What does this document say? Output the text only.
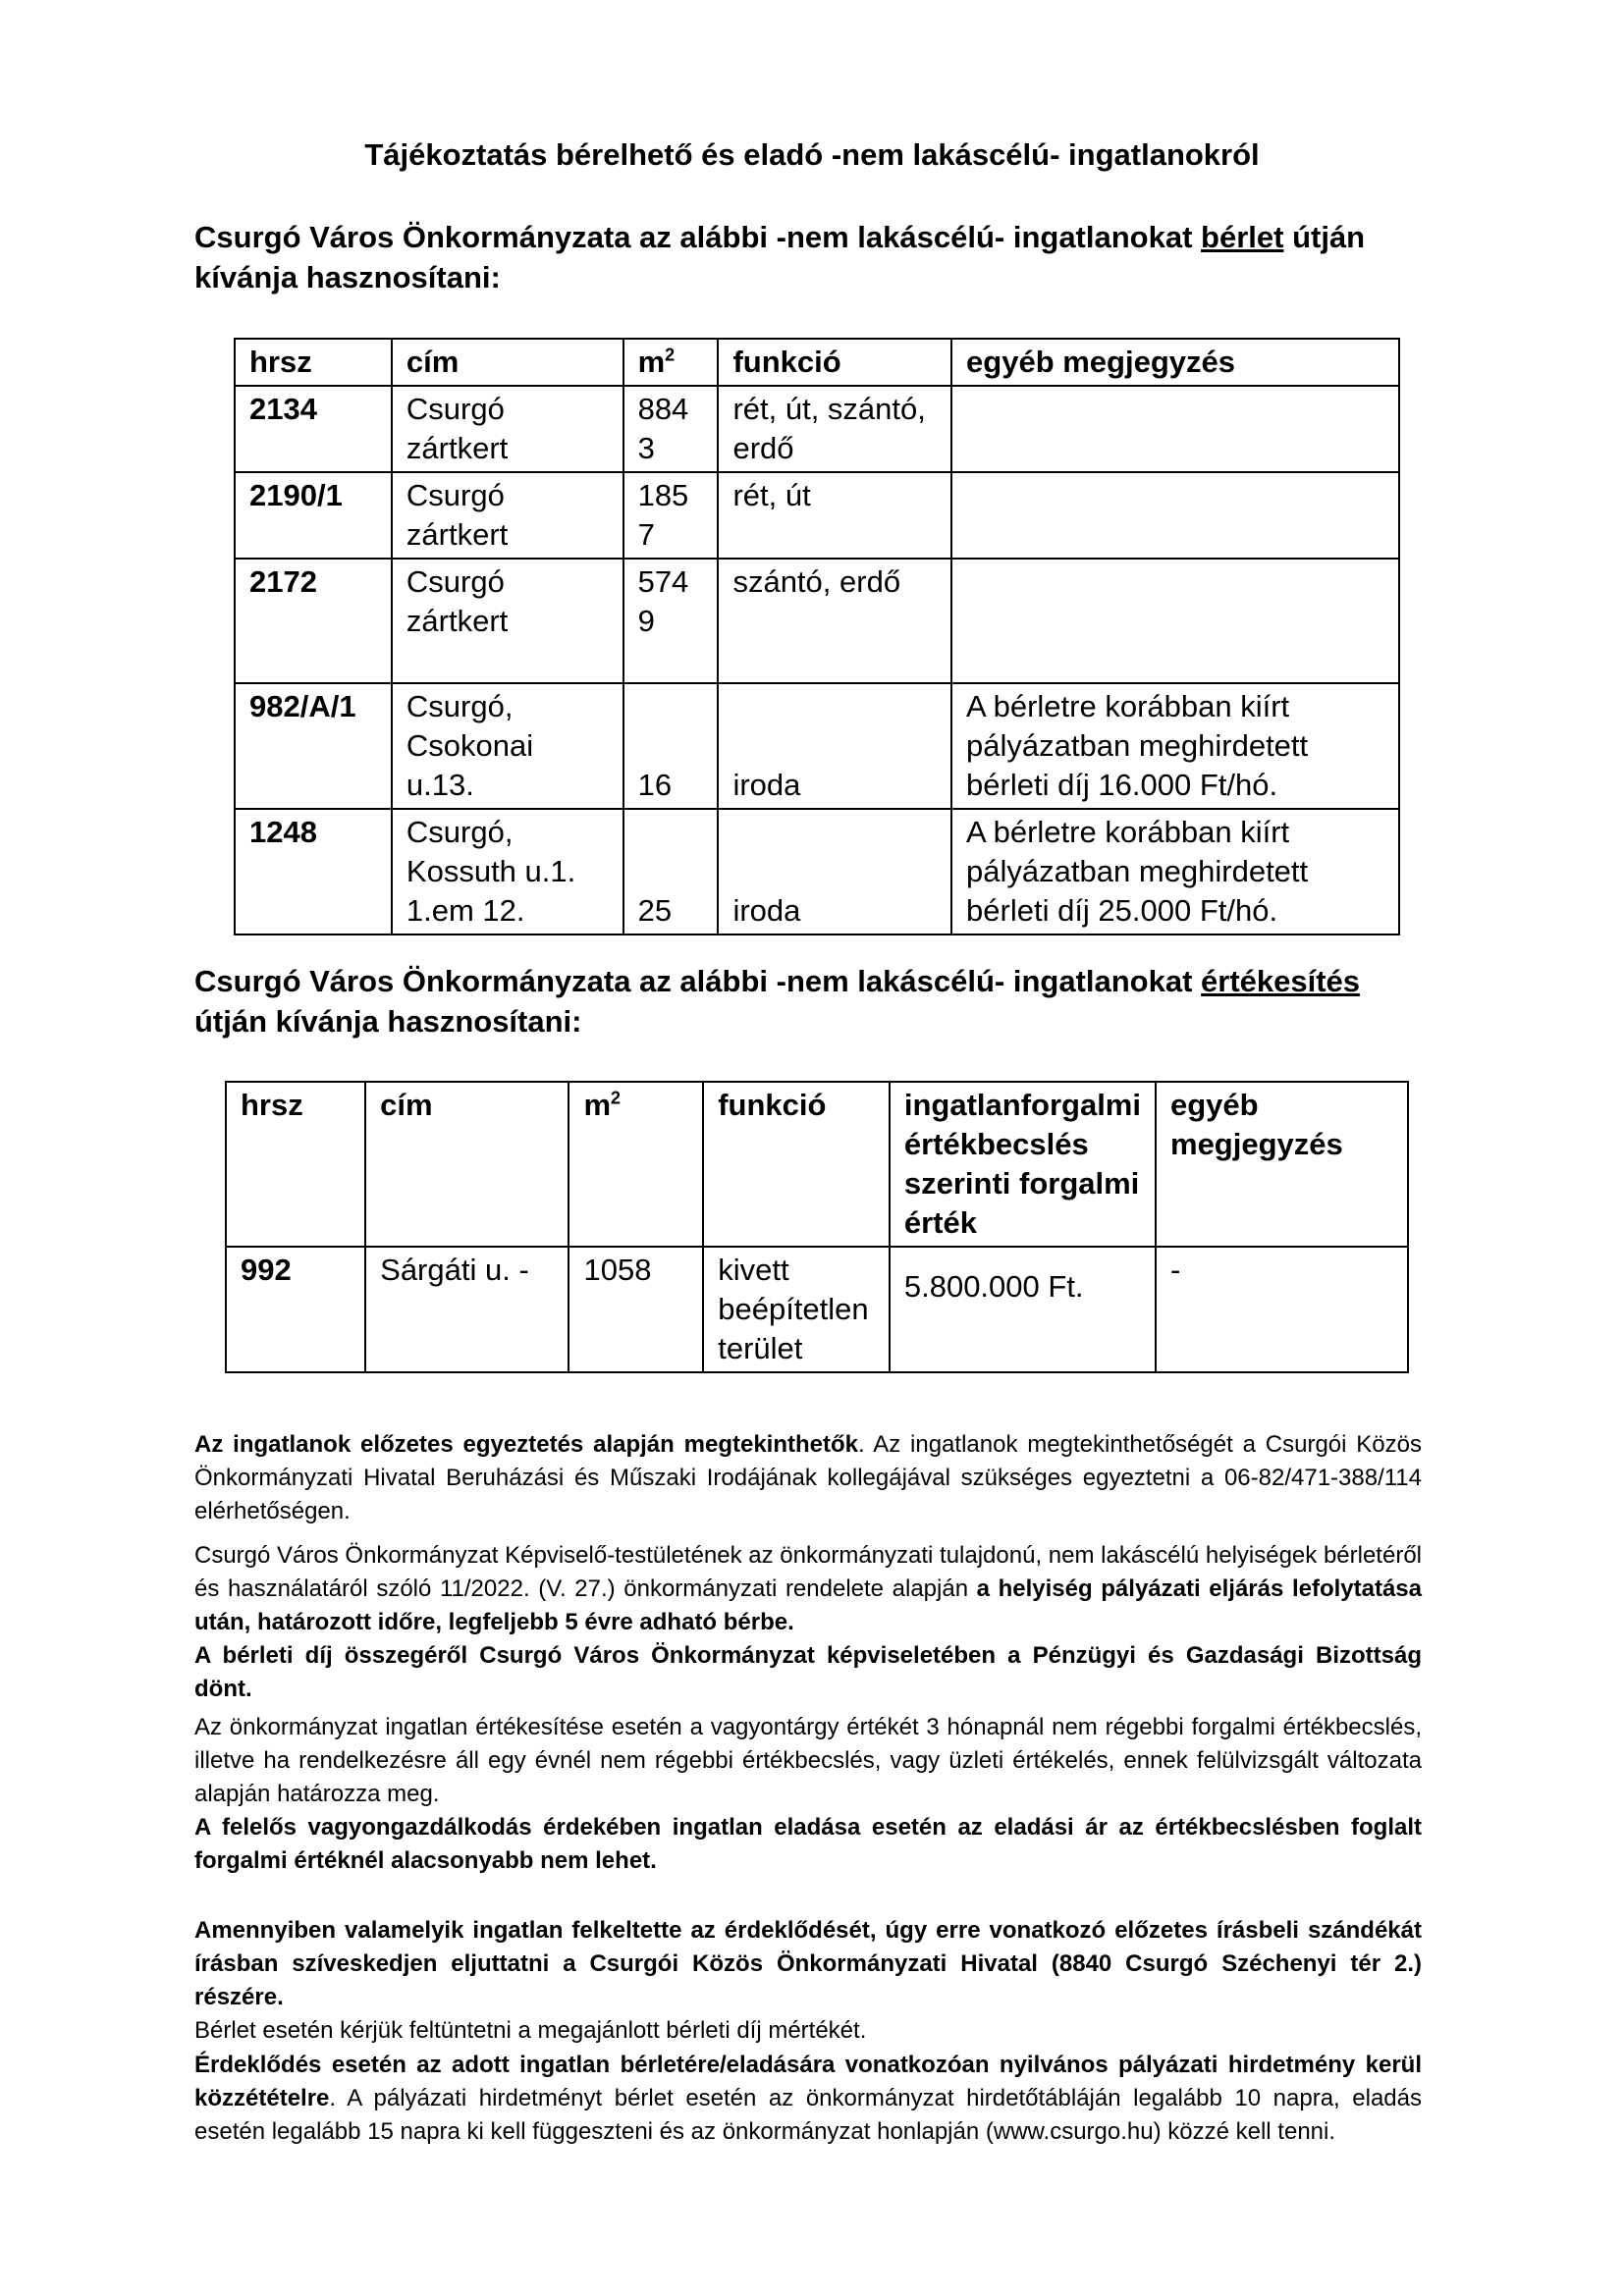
Tájékoztatás bérelhető és eladó -nem lakáscélú- ingatlanokról

Csurgó Város Önkormányzata az alábbi -nem lakáscélú- ingatlanokat bérlet útján kívánja hasznosítani:

hrsz	cím	$m^2$	funkció	egyéb megjegyzés
2134	Csurgó zártkert	8843	rét, út, szántó, erdő	
2190/1	Csurgó zártkert	1857	rét, út	
2172	Csurgó zártkert	5749	szántó, erdő	
982/A/1	Csurgó, Csokonai u.13.	16	iroda	A bérletre korábban kiírt pályázatban meghirdetett bérleti díj 16.000 Ft/hó.
1248	Csurgó, Kossuth u.1. 1.em 12.	25	iroda	A bérletre korábban kiírt pályázatban meghirdetett bérleti díj 25.000 Ft/hó.

Csurgó Város Önkormányzata az alábbi -nem lakáscélú- ingatlanokat értékesítés útján kívánja hasznosítani:

hrsz	cím	$m^2$	funkció	ingatlanforgalmi értékbecslés szerinti forgalmi érték	egyéb megjegyzés
992	Sárgáti u. -	1058	kivett beépítetlen terület	5.800.000 Ft.	-

Az ingatlanok előzetes egyeztetés alapján megtekinthetők. Az ingatlanok megtekinthetőségét a Csurgói Közös Önkormányzati Hivatal Beruházási és Műszaki Irodájának kollegájával szükséges egyeztetni a 06-82/471-388/114 elérhetőségen.

Csurgó Város Önkormányzat Képviselő-testületének az önkormányzati tulajdonú, nem lakáscélú helyiségek bérletéről és használatáról szóló 11/2022. (V. 27.) önkormányzati rendelete alapján a helyiség pályázati eljárás lefolytatása után, határozott időre, legfeljebb 5 évre adható bérbe.
A bérleti díj összegéről Csurgó Város Önkormányzat képviseletében a Pénzügyi és Gazdasági Bizottság dönt.

Az önkormányzat ingatlan értékesítése esetén a vagyontárgy értékét 3 hónapnál nem régebbi forgalmi értékbecslés, illetve ha rendelkezésre áll egy évnél nem régebbi értékbecslés, vagy üzleti értékelés, ennek felülvizsgált változata alapján határozza meg.
A felelős vagyongazdálkodás érdekében ingatlan eladása esetén az eladási ár az értékbecslésben foglalt forgalmi értéknél alacsonyabb nem lehet.

Amennyiben valamelyik ingatlan felkeltette az érdeklődését, úgy erre vonatkozó előzetes írásbeli szándékát írásban szíveskedjen eljuttatni a Csurgói Közös Önkormányzati Hivatal (8840 Csurgó Széchenyi tér 2.) részére.
Bérlet esetén kérjük feltüntetni a megajánlott bérleti díj mértékét.

Érdeklődés esetén az adott ingatlan bérletére/eladására vonatkozóan nyilvános pályázati hirdetmény kerül közzétételre. A pályázati hirdetményt bérlet esetén az önkormányzat hirdetőtábláján legalább 10 napra, eladás esetén legalább 15 napra ki kell függeszteni és az önkormányzat honlapján (www.csurgo.hu) közzé kell tenni.
